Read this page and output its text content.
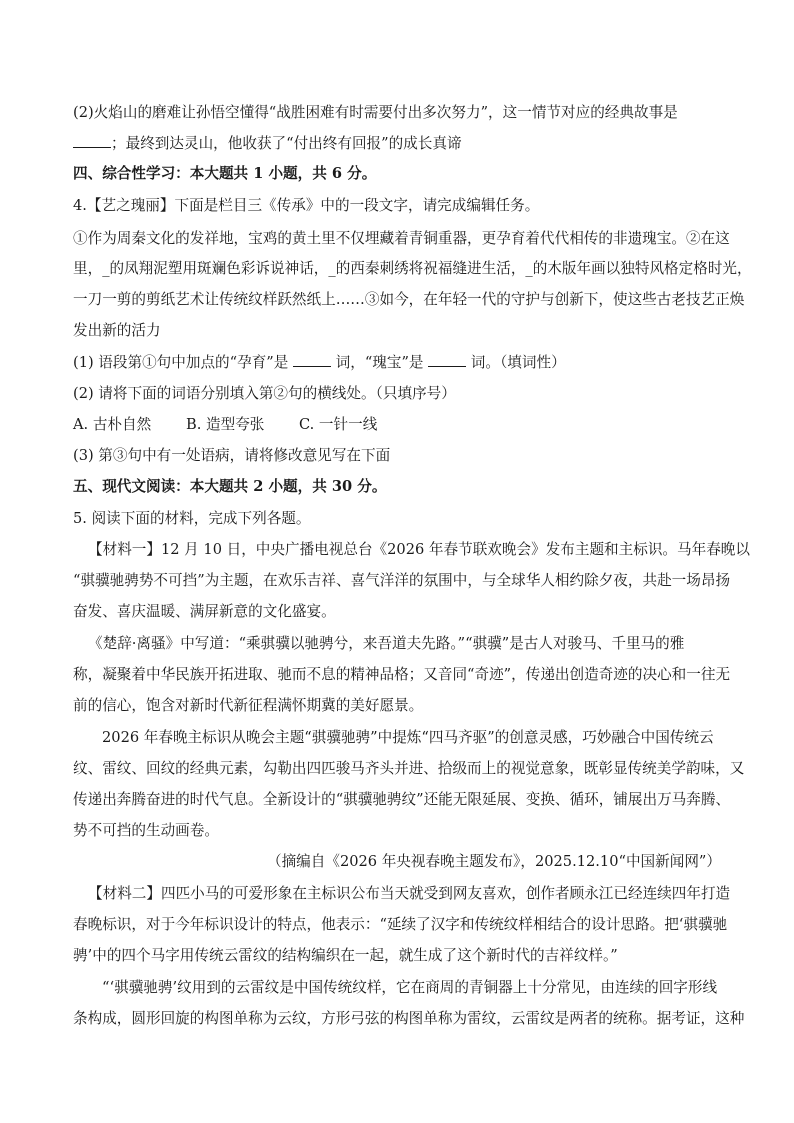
(2)火焰山的磨难让孙悟空懂得“战胜困难有时需要付出多次努力”，这一情节对应的经典故事是
；最终到达灵山，他收获了“付出终有回报”的成长真谛
四、综合性学习：本大题共 1 小题，共 6 分。
4.【艺之瑰丽】下面是栏目三《传承》中的一段文字，请完成编辑任务。
①作为周秦文化的发祥地，宝鸡的黄土里不仅埋藏着青铜重器，更孕育着代代相传的非遗瑰宝。②在这
里，_的凤翔泥塑用斑斓色彩诉说神话，_的西秦刺绣将祝福缝进生活，_的木版年画以独特风格定格时光，
一刀一剪的剪纸艺术让传统纹样跃然纸上……③如今，在年轻一代的守护与创新下，使这些古老技艺正焕
发出新的活力
(1) 语段第①句中加点的“孕育”是	词，“瑰宝”是	词。（填词性）
(2) 请将下面的词语分别填入第②句的横线处。（只填序号）
A. 古朴自然 B. 造型夸张 C. 一针一线
(3) 第③句中有一处语病，请将修改意见写在下面
五、现代文阅读：本大题共 2 小题，共 30 分。
5. 阅读下面的材料，完成下列各题。
【材料一】12 月 10 日，中央广播电视总台《2026 年春节联欢晚会》发布主题和主标识。马年春晚以
“骐骥驰骋势不可挡”为主题，在欢乐吉祥、喜气洋洋的氛围中，与全球华人相约除夕夜，共赴一场昂扬
奋发、喜庆温暖、满屏新意的文化盛宴。
《楚辞·离骚》中写道：“乘骐骥以驰骋兮，来吾道夫先路。”“骐骥”是古人对骏马、千里马的雅
称，凝聚着中华民族开拓进取、驰而不息的精神品格；又音同“奇迹”，传递出创造奇迹的决心和一往无
前的信心，饱含对新时代新征程满怀期冀的美好愿景。
2026 年春晚主标识从晚会主题“骐骥驰骋”中提炼“四马齐驱”的创意灵感，巧妙融合中国传统云
纹、雷纹、回纹的经典元素，勾勒出四匹骏马齐头并进、拾级而上的视觉意象，既彰显传统美学韵味，又
传递出奔腾奋进的时代气息。全新设计的“骐骥驰骋纹”还能无限延展、变换、循环，铺展出万马奔腾、
势不可挡的生动画卷。
（摘编自《2026 年央视春晚主题发布》，2025.12.10“中国新闻网”）
【材料二】四匹小马的可爱形象在主标识公布当天就受到网友喜欢，创作者顾永江已经连续四年打造
春晚标识，对于今年标识设计的特点，他表示：“延续了汉字和传统纹样相结合的设计思路。把‘骐骥驰
骋’中的四个马字用传统云雷纹的结构编织在一起，就生成了这个新时代的吉祥纹样。”
“‘骐骥驰骋’纹用到的云雷纹是中国传统纹样，它在商周的青铜器上十分常见，由连续的回字形线
条构成，圆形回旋的构图单称为云纹，方形弓弦的构图单称为雷纹，云雷纹是两者的统称。据考证，这种
